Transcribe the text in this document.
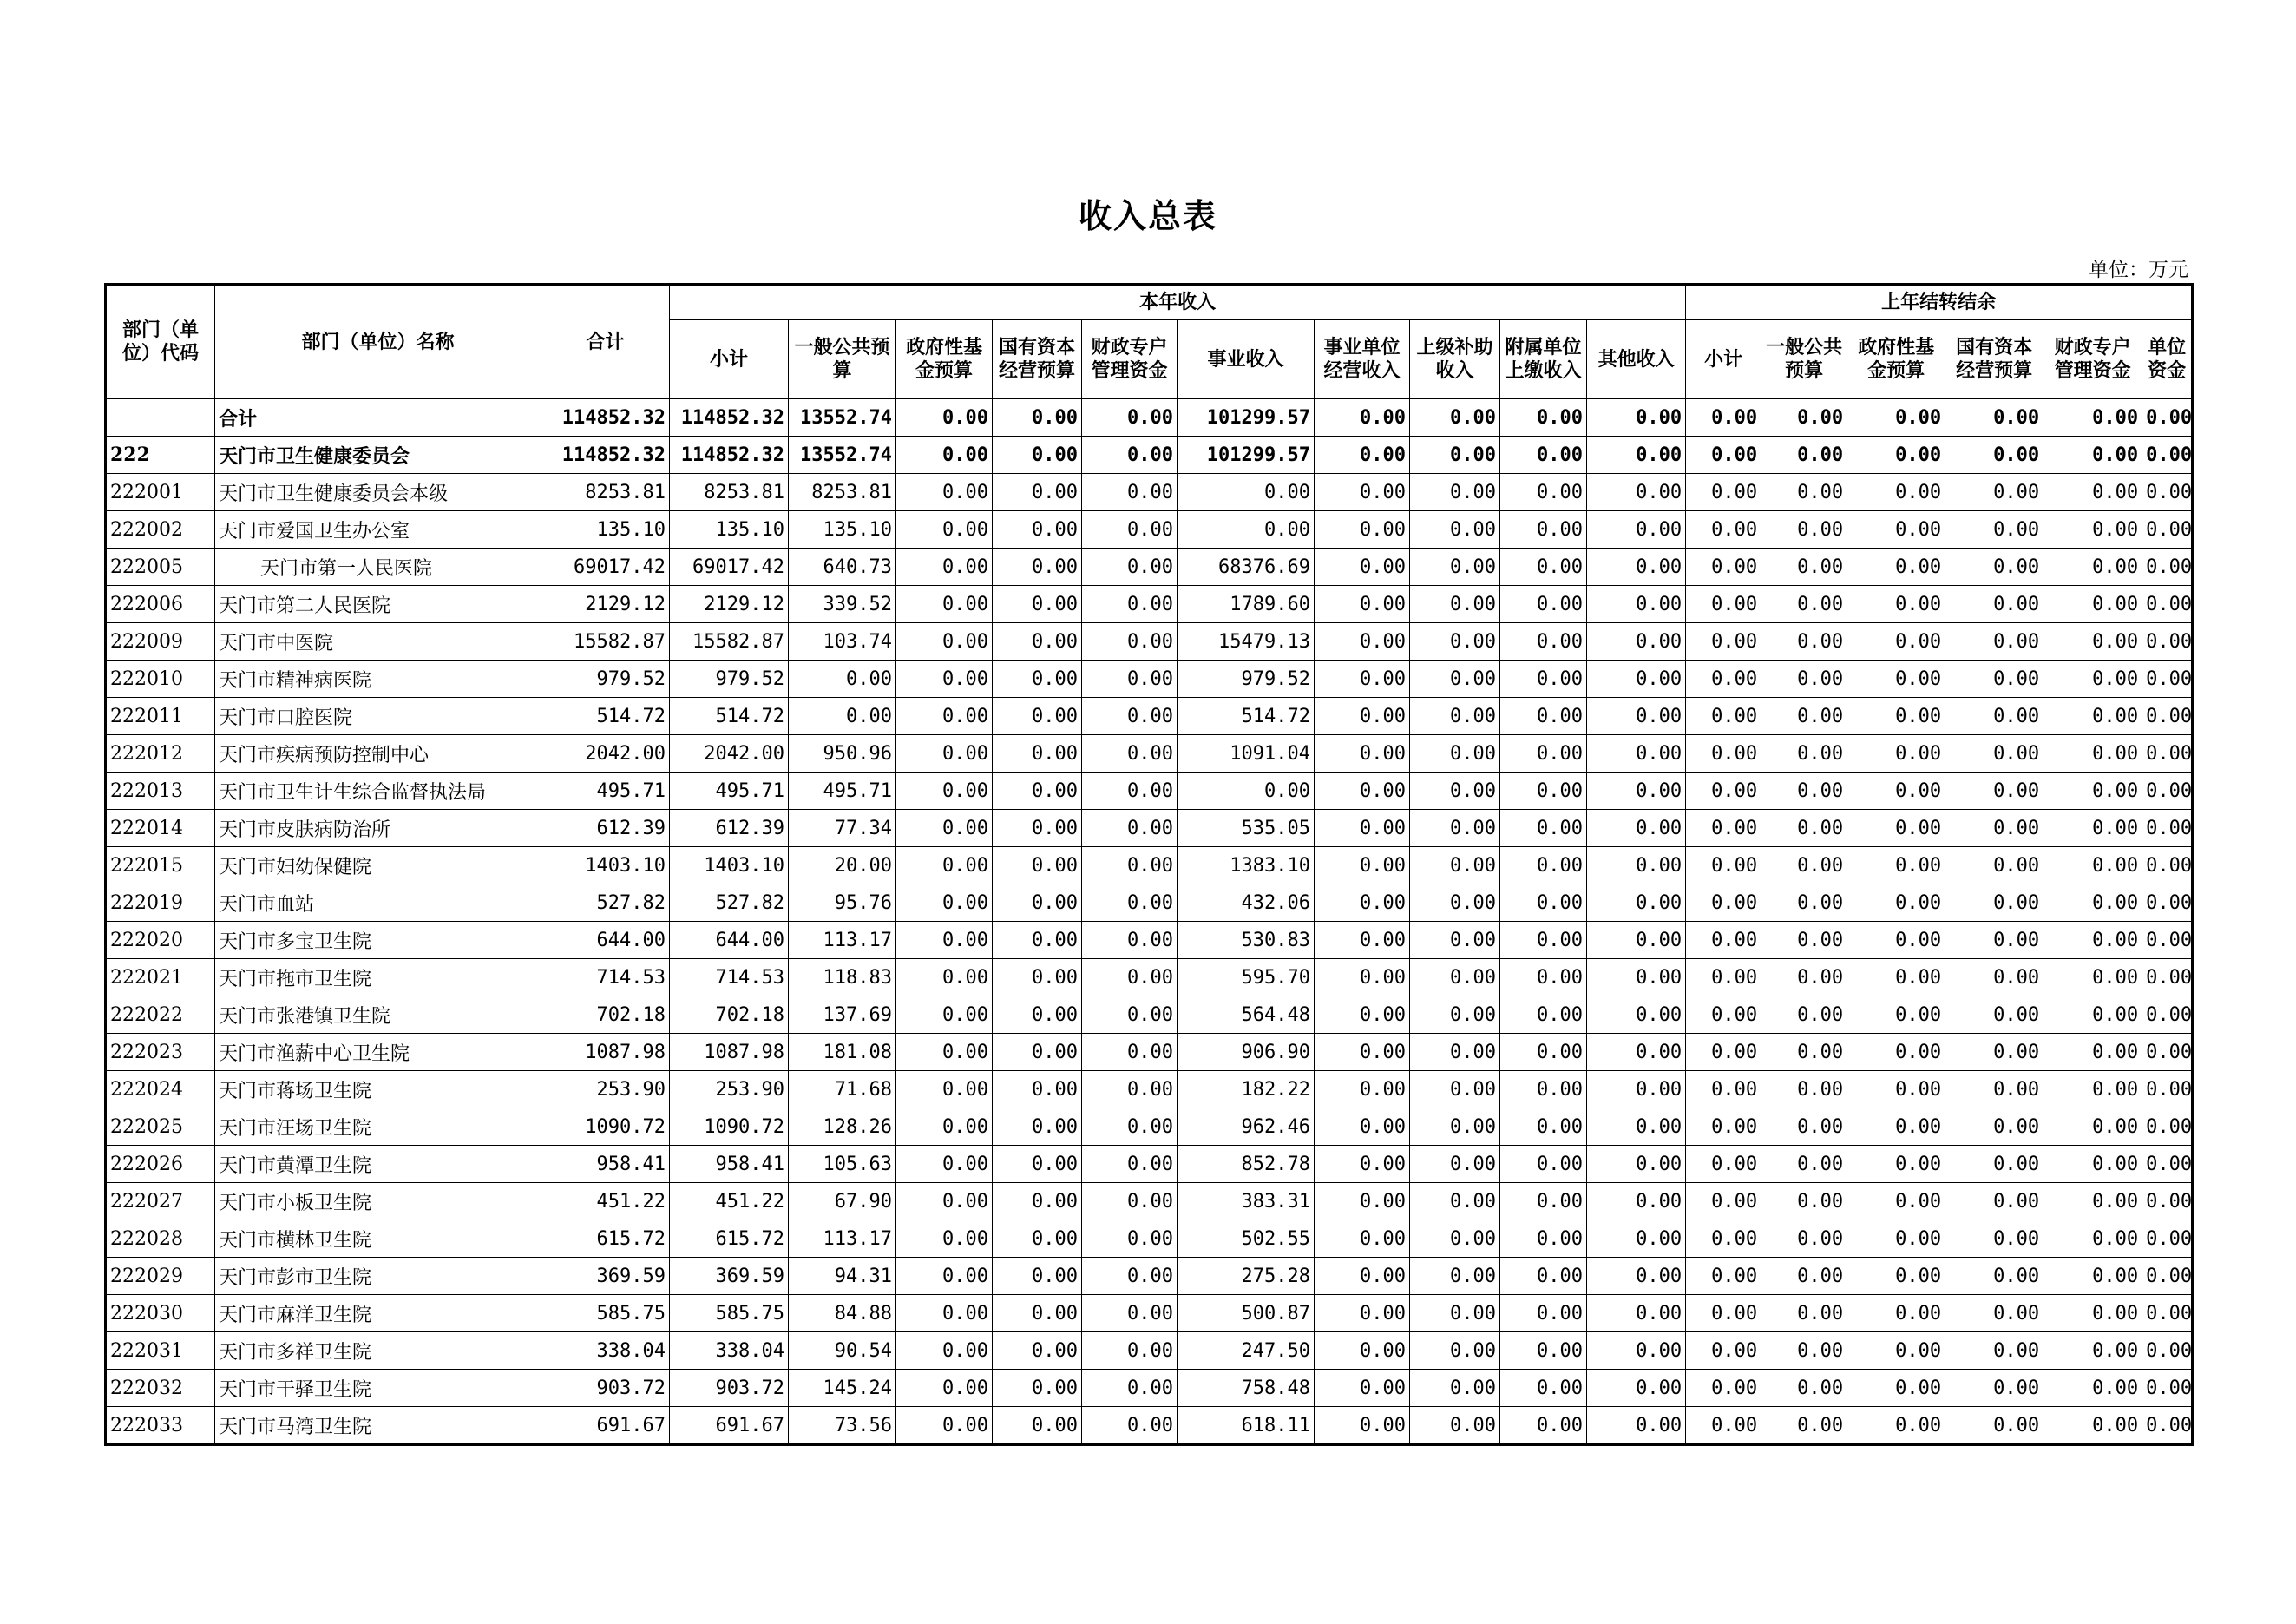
收入总表
单位：万元
部门（单位）代码	部门（单位）名称	合计	本年收入										上年结转结余					
			小计	一般公共预算	政府性基金预算	国有资本经营预算	财政专户管理资金	事业收入	事业单位经营收入	上级补助收入	附属单位上缴收入	其他收入	小计	一般公共预算	政府性基金预算	国有资本经营预算	财政专户管理资金	单位资金
	合计	114852.32	114852.32	13552.74	0.00	0.00	0.00	101299.57	0.00	0.00	0.00	0.00	0.00	0.00	0.00	0.00	0.00	0.00
222	天门市卫生健康委员会	114852.32	114852.32	13552.74	0.00	0.00	0.00	101299.57	0.00	0.00	0.00	0.00	0.00	0.00	0.00	0.00	0.00	0.00
222001	天门市卫生健康委员会本级	8253.81	8253.81	8253.81	0.00	0.00	0.00	0.00	0.00	0.00	0.00	0.00	0.00	0.00	0.00	0.00	0.00	0.00
222002	天门市爱国卫生办公室	135.10	135.10	135.10	0.00	0.00	0.00	0.00	0.00	0.00	0.00	0.00	0.00	0.00	0.00	0.00	0.00	0.00
222005	天门市第一人民医院	69017.42	69017.42	640.73	0.00	0.00	0.00	68376.69	0.00	0.00	0.00	0.00	0.00	0.00	0.00	0.00	0.00	0.00
222006	天门市第二人民医院	2129.12	2129.12	339.52	0.00	0.00	0.00	1789.60	0.00	0.00	0.00	0.00	0.00	0.00	0.00	0.00	0.00	0.00
222009	天门市中医院	15582.87	15582.87	103.74	0.00	0.00	0.00	15479.13	0.00	0.00	0.00	0.00	0.00	0.00	0.00	0.00	0.00	0.00
222010	天门市精神病医院	979.52	979.52	0.00	0.00	0.00	0.00	979.52	0.00	0.00	0.00	0.00	0.00	0.00	0.00	0.00	0.00	0.00
222011	天门市口腔医院	514.72	514.72	0.00	0.00	0.00	0.00	514.72	0.00	0.00	0.00	0.00	0.00	0.00	0.00	0.00	0.00	0.00
222012	天门市疾病预防控制中心	2042.00	2042.00	950.96	0.00	0.00	0.00	1091.04	0.00	0.00	0.00	0.00	0.00	0.00	0.00	0.00	0.00	0.00
222013	天门市卫生计生综合监督执法局	495.71	495.71	495.71	0.00	0.00	0.00	0.00	0.00	0.00	0.00	0.00	0.00	0.00	0.00	0.00	0.00	0.00
222014	天门市皮肤病防治所	612.39	612.39	77.34	0.00	0.00	0.00	535.05	0.00	0.00	0.00	0.00	0.00	0.00	0.00	0.00	0.00	0.00
222015	天门市妇幼保健院	1403.10	1403.10	20.00	0.00	0.00	0.00	1383.10	0.00	0.00	0.00	0.00	0.00	0.00	0.00	0.00	0.00	0.00
222019	天门市血站	527.82	527.82	95.76	0.00	0.00	0.00	432.06	0.00	0.00	0.00	0.00	0.00	0.00	0.00	0.00	0.00	0.00
222020	天门市多宝卫生院	644.00	644.00	113.17	0.00	0.00	0.00	530.83	0.00	0.00	0.00	0.00	0.00	0.00	0.00	0.00	0.00	0.00
222021	天门市拖市卫生院	714.53	714.53	118.83	0.00	0.00	0.00	595.70	0.00	0.00	0.00	0.00	0.00	0.00	0.00	0.00	0.00	0.00
222022	天门市张港镇卫生院	702.18	702.18	137.69	0.00	0.00	0.00	564.48	0.00	0.00	0.00	0.00	0.00	0.00	0.00	0.00	0.00	0.00
222023	天门市渔薪中心卫生院	1087.98	1087.98	181.08	0.00	0.00	0.00	906.90	0.00	0.00	0.00	0.00	0.00	0.00	0.00	0.00	0.00	0.00
222024	天门市蒋场卫生院	253.90	253.90	71.68	0.00	0.00	0.00	182.22	0.00	0.00	0.00	0.00	0.00	0.00	0.00	0.00	0.00	0.00
222025	天门市汪场卫生院	1090.72	1090.72	128.26	0.00	0.00	0.00	962.46	0.00	0.00	0.00	0.00	0.00	0.00	0.00	0.00	0.00	0.00
222026	天门市黄潭卫生院	958.41	958.41	105.63	0.00	0.00	0.00	852.78	0.00	0.00	0.00	0.00	0.00	0.00	0.00	0.00	0.00	0.00
222027	天门市小板卫生院	451.22	451.22	67.90	0.00	0.00	0.00	383.31	0.00	0.00	0.00	0.00	0.00	0.00	0.00	0.00	0.00	0.00
222028	天门市横林卫生院	615.72	615.72	113.17	0.00	0.00	0.00	502.55	0.00	0.00	0.00	0.00	0.00	0.00	0.00	0.00	0.00	0.00
222029	天门市彭市卫生院	369.59	369.59	94.31	0.00	0.00	0.00	275.28	0.00	0.00	0.00	0.00	0.00	0.00	0.00	0.00	0.00	0.00
222030	天门市麻洋卫生院	585.75	585.75	84.88	0.00	0.00	0.00	500.87	0.00	0.00	0.00	0.00	0.00	0.00	0.00	0.00	0.00	0.00
222031	天门市多祥卫生院	338.04	338.04	90.54	0.00	0.00	0.00	247.50	0.00	0.00	0.00	0.00	0.00	0.00	0.00	0.00	0.00	0.00
222032	天门市干驿卫生院	903.72	903.72	145.24	0.00	0.00	0.00	758.48	0.00	0.00	0.00	0.00	0.00	0.00	0.00	0.00	0.00	0.00
222033	天门市马湾卫生院	691.67	691.67	73.56	0.00	0.00	0.00	618.11	0.00	0.00	0.00	0.00	0.00	0.00	0.00	0.00	0.00	0.00
